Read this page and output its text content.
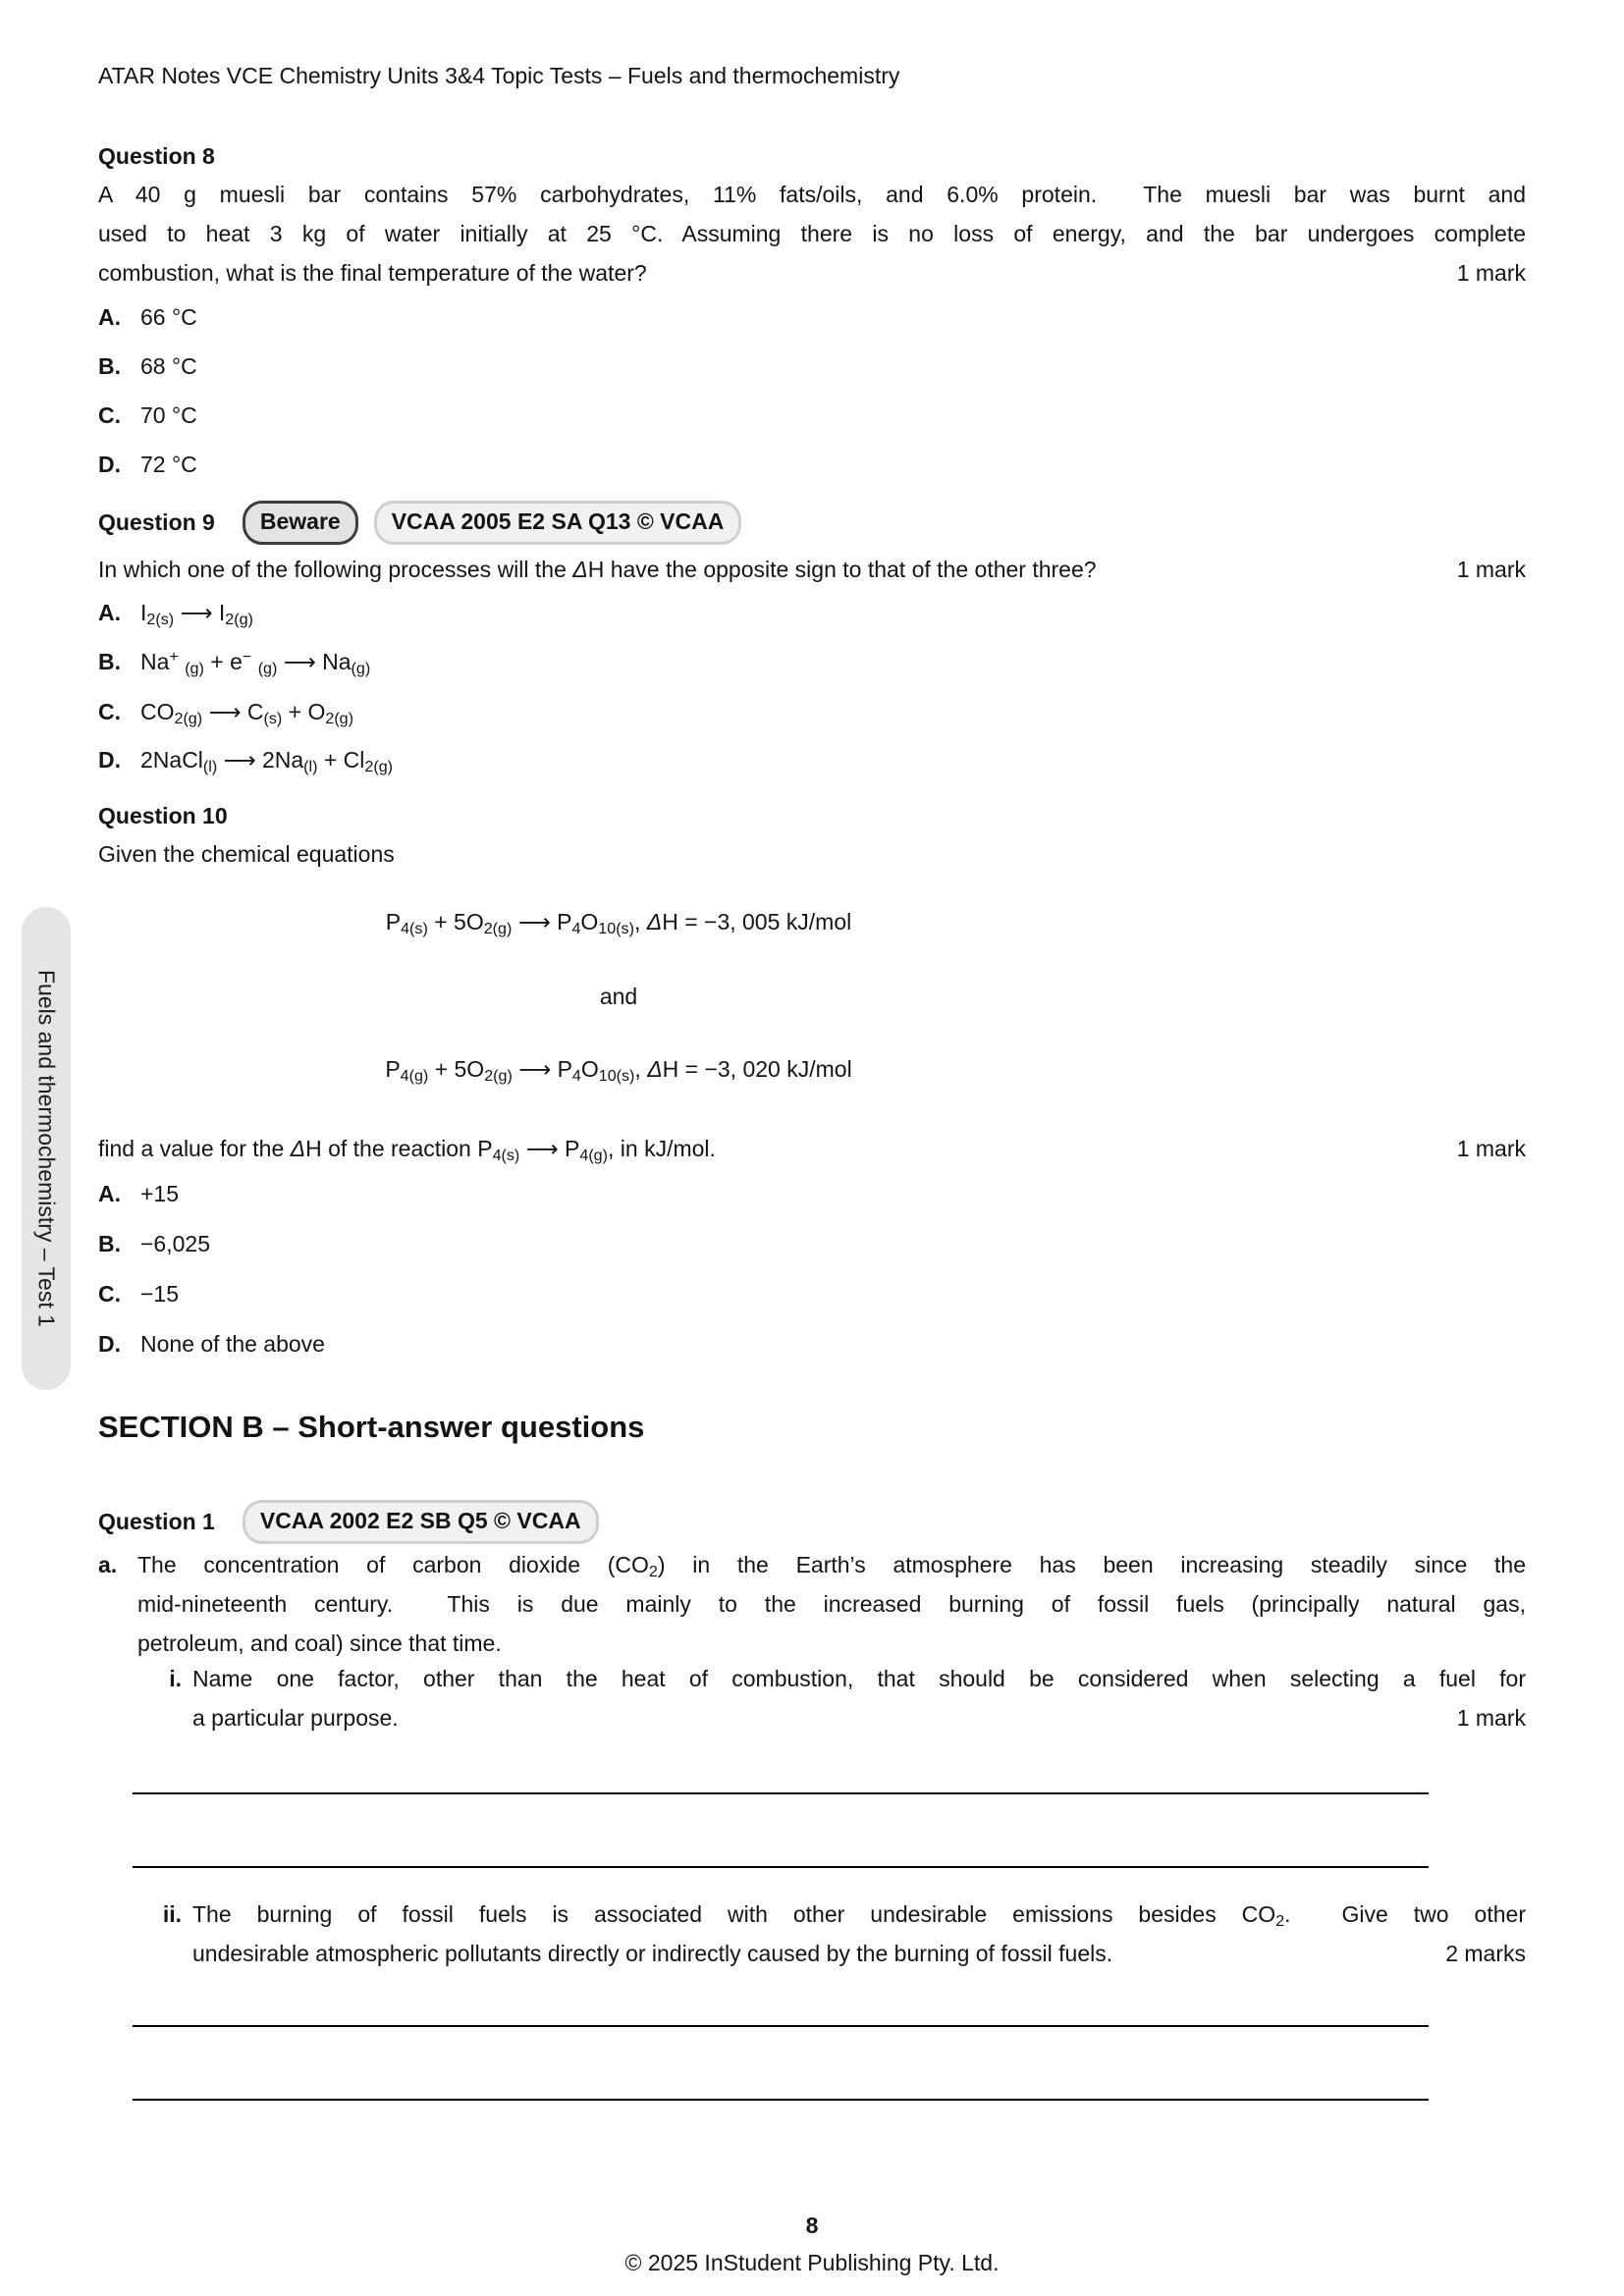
ATAR Notes VCE Chemistry Units 3&4 Topic Tests – Fuels and thermochemistry
Fuels and thermochemistry – Test 1
Question 8
A 40 g muesli bar contains 57% carbohydrates, 11% fats/oils, and 6.0% protein.  The muesli bar was burnt and
used to heat 3 kg of water initially at 25 °C. Assuming there is no loss of energy, and the bar undergoes complete
combustion, what is the final temperature of the water?	1 mark
A. 66 °C
B. 68 °C
C. 70 °C
D. 72 °C
Question 9	Beware	VCAA 2005 E2 SA Q13 © VCAA
In which one of the following processes will the ΔH have the opposite sign to that of the other three?	1 mark
A. $I_{2(s)}$ ⟶ $I_{2(g)}$
B. Na+ $_{(g)}$ + e− $_{(g)}$ ⟶ $Na_{(g)}$
C. $CO_{2(g)}$ ⟶ $C_{(s)} + O_{2(g)}$
D. 2NaCl$_{(l)}$ ⟶ $2Na_{(l)} + Cl_{2(g)}$
Question 10
Given the chemical equations
$P_{4(s)} + 5O_{2(g)}$ ⟶ $P_4O_{10(s)}$, ΔH = −3, 005 kJ/mol
and
$P_{4(g)} + 5O_{2(g)}$ ⟶ $P_4O_{10(s)}$, ΔH = −3, 020 kJ/mol
find a value for the ΔH of the reaction $P_{4(s)}$ ⟶ $P_{4(g)}$, in kJ/mol.	1 mark
A. +15
B. −6,025
C. −15
D. None of the above
SECTION B – Short-answer questions
Question 1	VCAA 2002 E2 SB Q5 © VCAA
a. The concentration of carbon dioxide $(CO_2)$ in the Earth’s atmosphere has been increasing steadily since the
mid-nineteenth century.  This is due mainly to the increased burning of fossil fuels (principally natural gas,
petroleum, and coal) since that time.
i. Name one factor, other than the heat of combustion, that should be considered when selecting a fuel for
a particular purpose.	1 mark
ii. The burning of fossil fuels is associated with other undesirable emissions besides $CO_2$.  Give two other
undesirable atmospheric pollutants directly or indirectly caused by the burning of fossil fuels.	2 marks
8
© 2025 InStudent Publishing Pty. Ltd.
